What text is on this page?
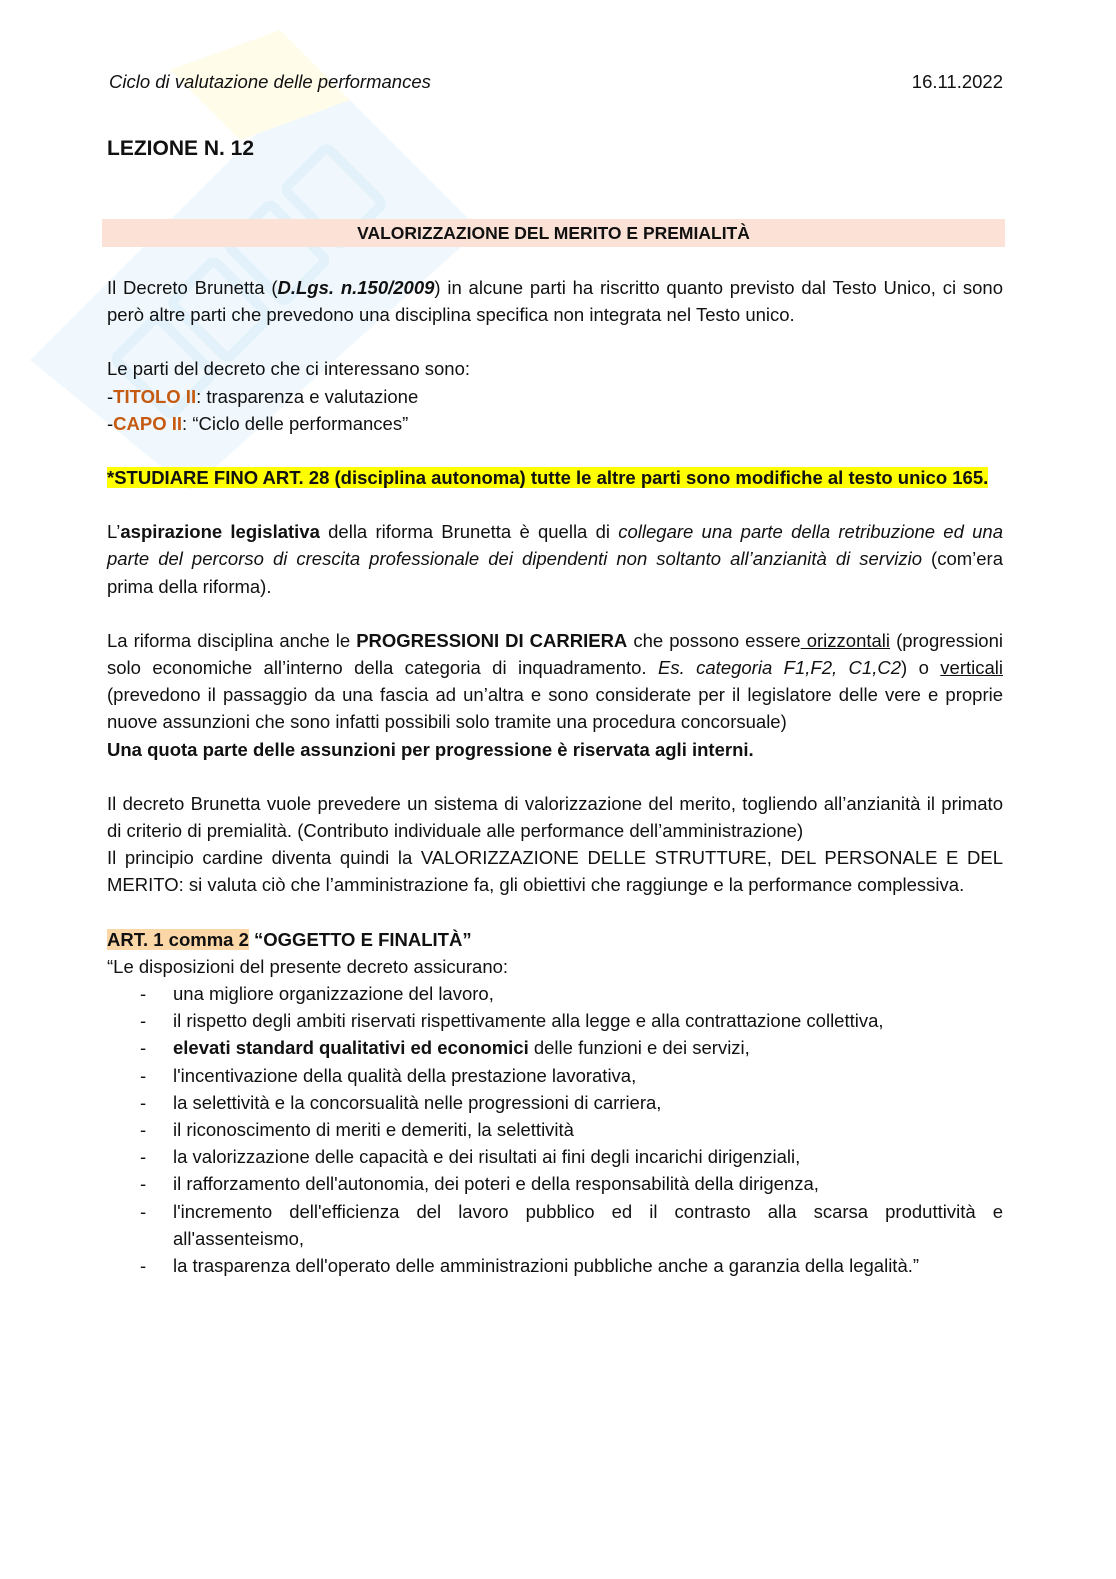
Ciclo di valutazione delle performances	16.11.2022
LEZIONE N. 12
VALORIZZAZIONE DEL MERITO E PREMIALITÀ

Il Decreto Brunetta (D.Lgs. n.150/2009) in alcune parti ha riscritto quanto previsto dal Testo Unico, ci sono però altre parti che prevedono una disciplina specifica non integrata nel Testo unico.

Le parti del decreto che ci interessano sono:

-TITOLO II: trasparenza e valutazione

-CAPO II: “Ciclo delle performances”

*STUDIARE FINO ART. 28 (disciplina autonoma) tutte le altre parti sono modifiche al testo unico 165.

L’aspirazione legislativa della riforma Brunetta è quella di collegare una parte della retribuzione ed una parte del percorso di crescita professionale dei dipendenti non soltanto all’anzianità di servizio (com’era prima della riforma).

La riforma disciplina anche le PROGRESSIONI DI CARRIERA che possono essere orizzontali (progressioni solo economiche all’interno della categoria di inquadramento. Es. categoria F1,F2, C1,C2) o verticali (prevedono il passaggio da una fascia ad un’altra e sono considerate per il legislatore delle vere e proprie nuove assunzioni che sono infatti possibili solo tramite una procedura concorsuale)

Una quota parte delle assunzioni per progressione è riservata agli interni.

Il decreto Brunetta vuole prevedere un sistema di valorizzazione del merito, togliendo all’anzianità il primato di criterio di premialità. (Contributo individuale alle performance dell’amministrazione)

Il principio cardine diventa quindi la VALORIZZAZIONE DELLE STRUTTURE, DEL PERSONALE E DEL MERITO: si valuta ciò che l’amministrazione fa, gli obiettivi che raggiunge e la performance complessiva.

ART. 1 comma 2 “OGGETTO E FINALITÀ”

“Le disposizioni del presente decreto assicurano:

- una migliore organizzazione del lavoro,
- il rispetto degli ambiti riservati rispettivamente alla legge e alla contrattazione collettiva,
- elevati standard qualitativi ed economici delle funzioni e dei servizi,
- l'incentivazione della qualità della prestazione lavorativa,
- la selettività e la concorsualità nelle progressioni di carriera,
- il riconoscimento di meriti e demeriti, la selettività
- la valorizzazione delle capacità e dei risultati ai fini degli incarichi dirigenziali,
- il rafforzamento dell'autonomia, dei poteri e della responsabilità della dirigenza,
- l'incremento dell'efficienza del lavoro pubblico ed il contrasto alla scarsa produttività e all'assenteismo,
- la trasparenza dell'operato delle amministrazioni pubbliche anche a garanzia della legalità.”
